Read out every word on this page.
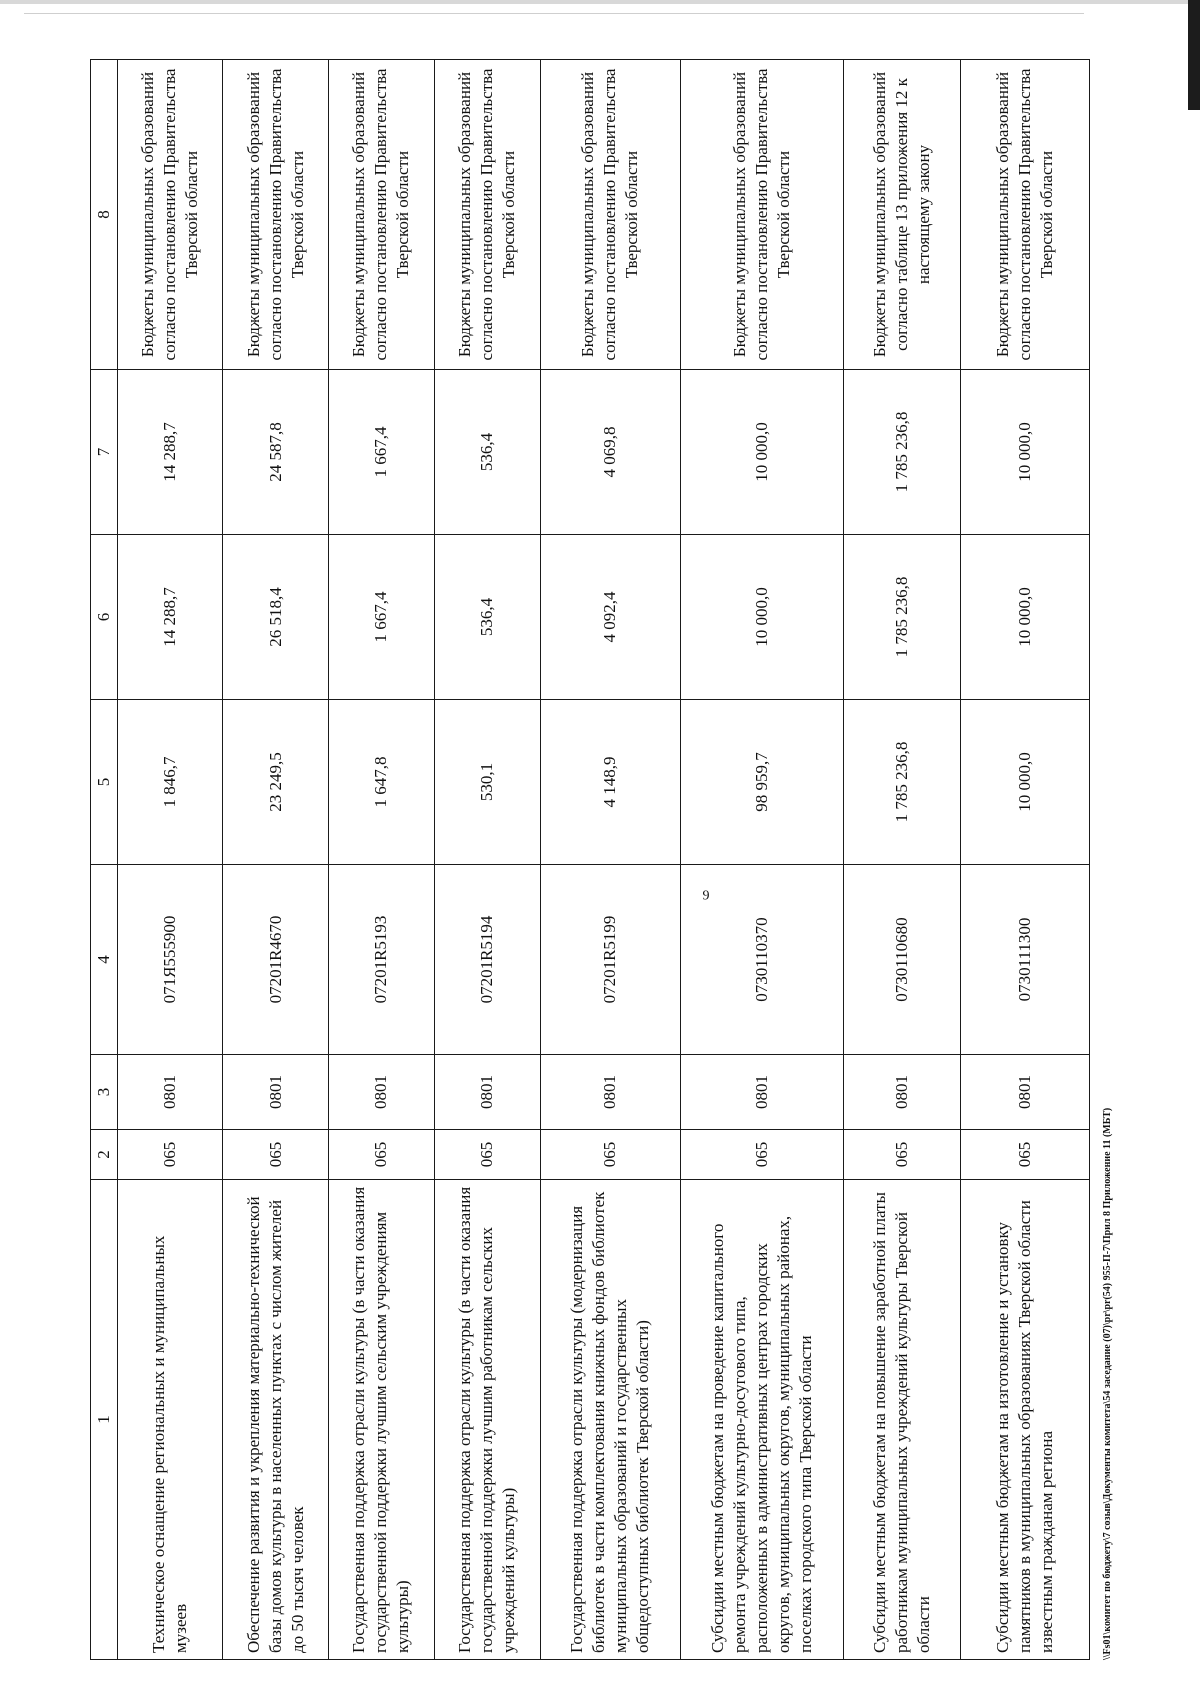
1	2	3	4	5	6	7	8
Техническое оснащение региональных и муниципальных музеев	065	0801	071Я555900	1 846,7	14 288,7	14 288,7	Бюджеты муниципальных образований согласно постановлению Правительства Тверской области
Обеспечение развития и укрепления материально-технической базы домов культуры в населенных пунктах с числом жителей до 50 тысяч человек	065	0801	07201R4670	23 249,5	26 518,4	24 587,8	Бюджеты муниципальных образований согласно постановлению Правительства Тверской области
Государственная поддержка отрасли культуры (в части оказания государственной поддержки лучшим сельским учреждениям культуры)	065	0801	07201R5193	1 647,8	1 667,4	1 667,4	Бюджеты муниципальных образований согласно постановлению Правительства Тверской области
Государственная поддержка отрасли культуры (в части оказания государственной поддержки лучшим работникам сельских учреждений культуры)	065	0801	07201R5194	530,1	536,4	536,4	Бюджеты муниципальных образований согласно постановлению Правительства Тверской области
Государственная поддержка отрасли культуры (модернизация библиотек в части комплектования книжных фондов библиотек муниципальных образований и государственных общедоступных библиотек Тверской области)	065	0801	07201R5199	4 148,9	4 092,4	4 069,8	Бюджеты муниципальных образований согласно постановлению Правительства Тверской области
Субсидии местным бюджетам на проведение капитального ремонта учреждений культурно-досугового типа, расположенных в административных центрах городских округов, муниципальных округов, муниципальных районах, поселках городского типа Тверской области	065	0801	0730110370	98 959,7	10 000,0	10 000,0	Бюджеты муниципальных образований согласно постановлению Правительства Тверской области
Субсидии местным бюджетам на повышение заработной платы работникам муниципальных учреждений культуры Тверской области	065	0801	0730110680	1 785 236,8	1 785 236,8	1 785 236,8	Бюджеты муниципальных образований согласно таблице 13 приложения 12 к настоящему закону
Субсидии местным бюджетам на изготовление и установку памятников в муниципальных образованиях Тверской области известным гражданам региона	065	0801	0730111300	10 000,0	10 000,0	10 000,0	Бюджеты муниципальных образований согласно постановлению Правительства Тверской области
9
\\Fs01\комитет по бюджету\7 созыв\Документы комитета\54 заседание (07)\pr\pr(54) 955-П-7\Прил 8 Приложение 11 (МБТ)
